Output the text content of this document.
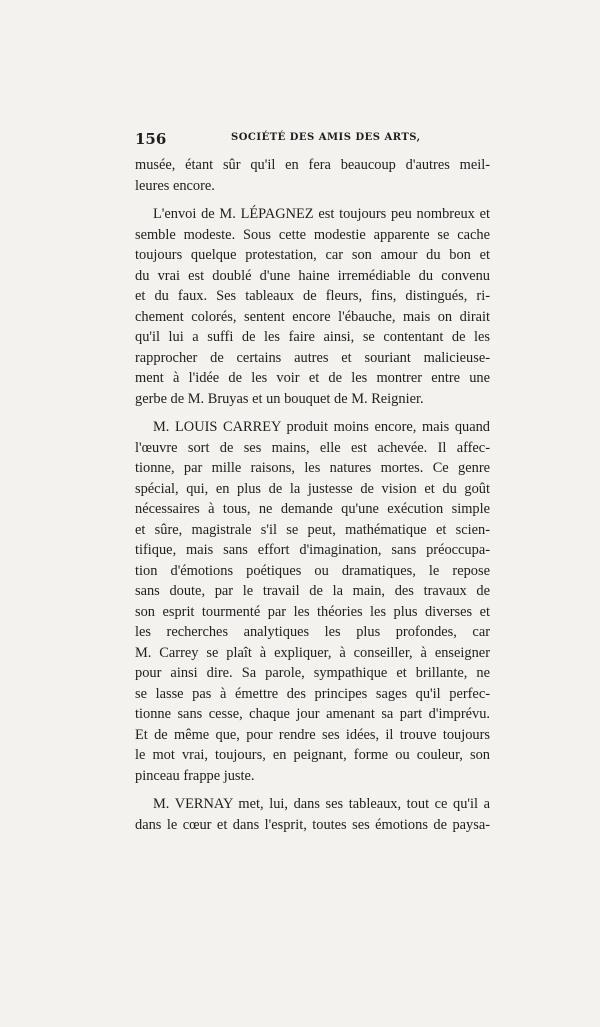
156	SOCIÉTÉ DES AMIS DES ARTS,

musée, étant sûr qu'il en fera beaucoup d'autres meil-
leures encore.

L'envoi de M. LÉPAGNEZ est toujours peu nombreux et
semble modeste. Sous cette modestie apparente se cache
toujours quelque protestation, car son amour du bon et
du vrai est doublé d'une haine irremédiable du convenu
et du faux. Ses tableaux de fleurs, fins, distingués, ri-
chement colorés, sentent encore l'ébauche, mais on dirait
qu'il lui a suffi de les faire ainsi, se contentant de les
rapprocher de certains autres et souriant malicieuse-
ment à l'idée de les voir et de les montrer entre une
gerbe de M. Bruyas et un bouquet de M. Reignier.

M. LOUIS CARREY produit moins encore, mais quand
l'œuvre sort de ses mains, elle est achevée. Il affec-
tionne, par mille raisons, les natures mortes. Ce genre
spécial, qui, en plus de la justesse de vision et du goût
nécessaires à tous, ne demande qu'une exécution simple
et sûre, magistrale s'il se peut, mathématique et scien-
tifique, mais sans effort d'imagination, sans préoccupa-
tion d'émotions poétiques ou dramatiques, le repose
sans doute, par le travail de la main, des travaux de
son esprit tourmenté par les théories les plus diverses et
les recherches analytiques les plus profondes, car
M. Carrey se plaît à expliquer, à conseiller, à enseigner
pour ainsi dire. Sa parole, sympathique et brillante, ne
se lasse pas à émettre des principes sages qu'il perfec-
tionne sans cesse, chaque jour amenant sa part d'imprévu.
Et de même que, pour rendre ses idées, il trouve toujours
le mot vrai, toujours, en peignant, forme ou couleur, son
pinceau frappe juste.

M. VERNAY met, lui, dans ses tableaux, tout ce qu'il a
dans le cœur et dans l'esprit, toutes ses émotions de paysa-
